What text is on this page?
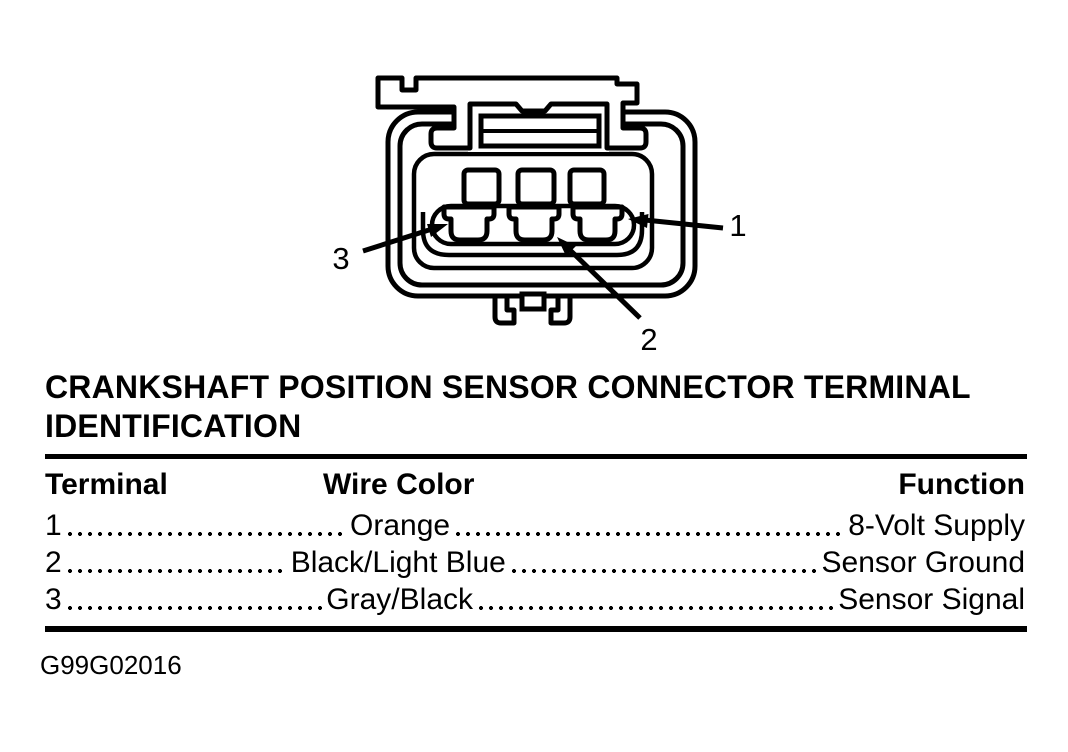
1
2
3
CRANKSHAFT POSITION SENSOR CONNECTOR TERMINAL IDENTIFICATION
Terminal	Wire Color	Function
1	Orange	8-Volt Supply
2	Black/Light Blue	Sensor Ground
3	Gray/Black	Sensor Signal
G99G02016
